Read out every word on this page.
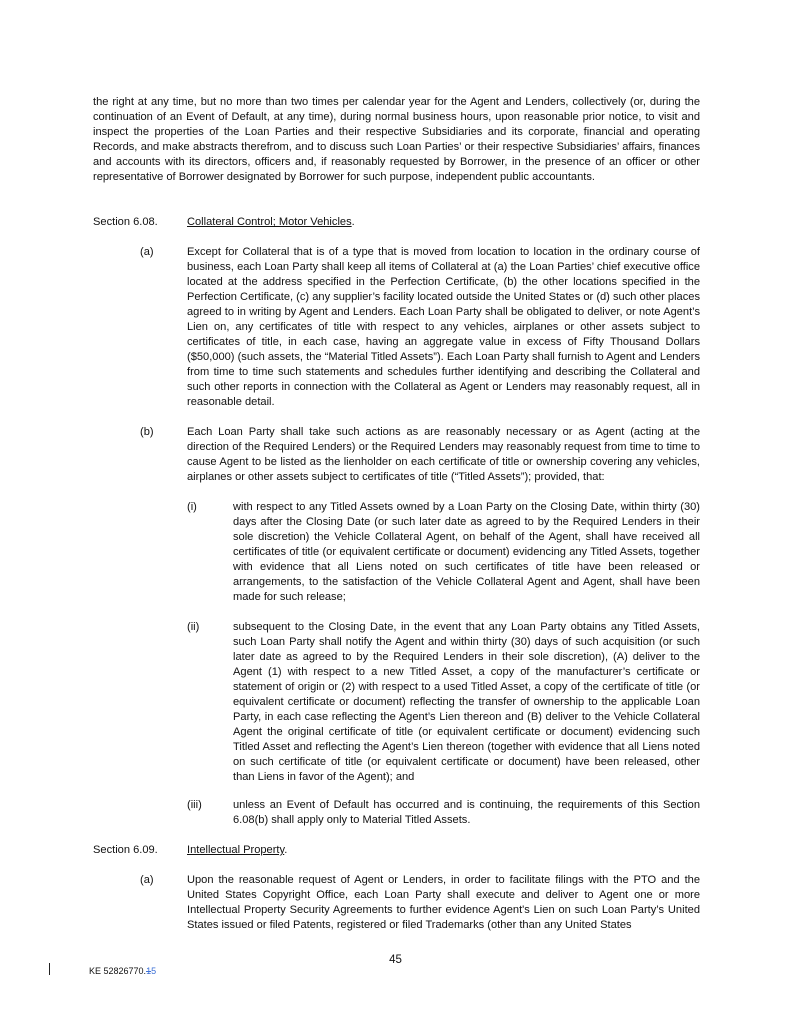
the right at any time, but no more than two times per calendar year for the Agent and Lenders, collectively (or, during the continuation of an Event of Default, at any time), during normal business hours, upon reasonable prior notice, to visit and inspect the properties of the Loan Parties and their respective Subsidiaries and its corporate, financial and operating Records, and make abstracts therefrom, and to discuss such Loan Parties’ or their respective Subsidiaries’ affairs, finances and accounts with its directors, officers and, if reasonably requested by Borrower, in the presence of an officer or other representative of Borrower designated by Borrower for such purpose, independent public accountants.

Section 6.08.	Collateral Control; Motor Vehicles.
(a)	Except for Collateral that is of a type that is moved from location to location in the ordinary course of business, each Loan Party shall keep all items of Collateral at (a) the Loan Parties’ chief executive office located at the address specified in the Perfection Certificate, (b) the other locations specified in the Perfection Certificate, (c) any supplier’s facility located outside the United States or (d) such other places agreed to in writing by Agent and Lenders. Each Loan Party shall be obligated to deliver, or note Agent’s Lien on, any certificates of title with respect to any vehicles, airplanes or other assets subject to certificates of title, in each case, having an aggregate value in excess of Fifty Thousand Dollars ($50,000) (such assets, the “Material Titled Assets”). Each Loan Party shall furnish to Agent and Lenders from time to time such statements and schedules further identifying and describing the Collateral and such other reports in connection with the Collateral as Agent or Lenders may reasonably request, all in reasonable detail.

(b)	Each Loan Party shall take such actions as are reasonably necessary or as Agent (acting at the direction of the Required Lenders) or the Required Lenders may reasonably request from time to time to cause Agent to be listed as the lienholder on each certificate of title or ownership covering any vehicles, airplanes or other assets subject to certificates of title (“Titled Assets”); provided, that:

(i)	with respect to any Titled Assets owned by a Loan Party on the Closing Date, within thirty (30) days after the Closing Date (or such later date as agreed to by the Required Lenders in their sole discretion) the Vehicle Collateral Agent, on behalf of the Agent, shall have received all certificates of title (or equivalent certificate or document) evidencing any Titled Assets, together with evidence that all Liens noted on such certificates of title have been released or arrangements, to the satisfaction of the Vehicle Collateral Agent and Agent, shall have been made for such release;

(ii)	subsequent to the Closing Date, in the event that any Loan Party obtains any Titled Assets, such Loan Party shall notify the Agent and within thirty (30) days of such acquisition (or such later date as agreed to by the Required Lenders in their sole discretion), (A) deliver to the Agent (1) with respect to a new Titled Asset, a copy of the manufacturer’s certificate or statement of origin or (2) with respect to a used Titled Asset, a copy of the certificate of title (or equivalent certificate or document) reflecting the transfer of ownership to the applicable Loan Party, in each case reflecting the Agent’s Lien thereon and (B) deliver to the Vehicle Collateral Agent the original certificate of title (or equivalent certificate or document) evidencing such Titled Asset and reflecting the Agent’s Lien thereon (together with evidence that all Liens noted on such certificate of title (or equivalent certificate or document) have been released, other than Liens in favor of the Agent); and

(iii)	unless an Event of Default has occurred and is continuing, the requirements of this Section 6.08(b) shall apply only to Material Titled Assets.

Section 6.09.	Intellectual Property.
(a)	Upon the reasonable request of Agent or Lenders, in order to facilitate filings with the PTO and the United States Copyright Office, each Loan Party shall execute and deliver to Agent one or more Intellectual Property Security Agreements to further evidence Agent's Lien on such Loan Party’s United States issued or filed Patents, registered or filed Trademarks (other than any United States

45
KE 52826770.15
